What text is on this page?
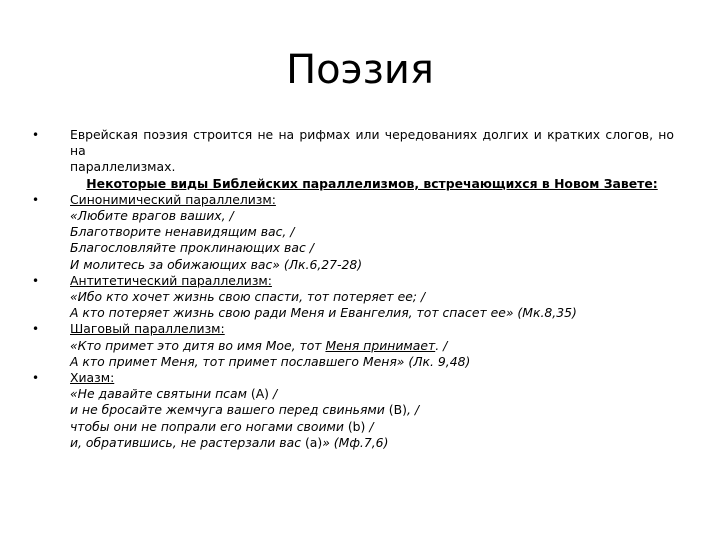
Поэзия
• Еврейская поэзия строится не на рифмах или чередованиях долгих и кратких слогов, но на
параллелизмах.
Некоторые виды Библейских параллелизмов, встречающихся в Новом Завете:
• Синонимический параллелизм:
«Любите врагов ваших, /
Благотворите ненавидящим вас, /
Благословляйте проклинающих вас /
И молитесь за обижающих вас» (Лк.6,27-28)
• Антитетический параллелизм:
«Ибо кто хочет жизнь свою спасти, тот потеряет ее; /
А кто потеряет жизнь свою ради Меня и Евангелия, тот спасет ее» (Мк.8,35)
• Шаговый параллелизм:
«Кто примет это дитя во имя Мое, тот Меня принимает. /
А кто примет Меня, тот примет пославшего Меня» (Лк. 9,48)
• Хиазм:
«Не давайте святыни псам (A) /
и не бросайте жемчуга вашего перед свиньями (B), /
чтобы они не попрали его ногами своими (b) /
и, обратившись, не растерзали вас (a)» (Мф.7,6)
